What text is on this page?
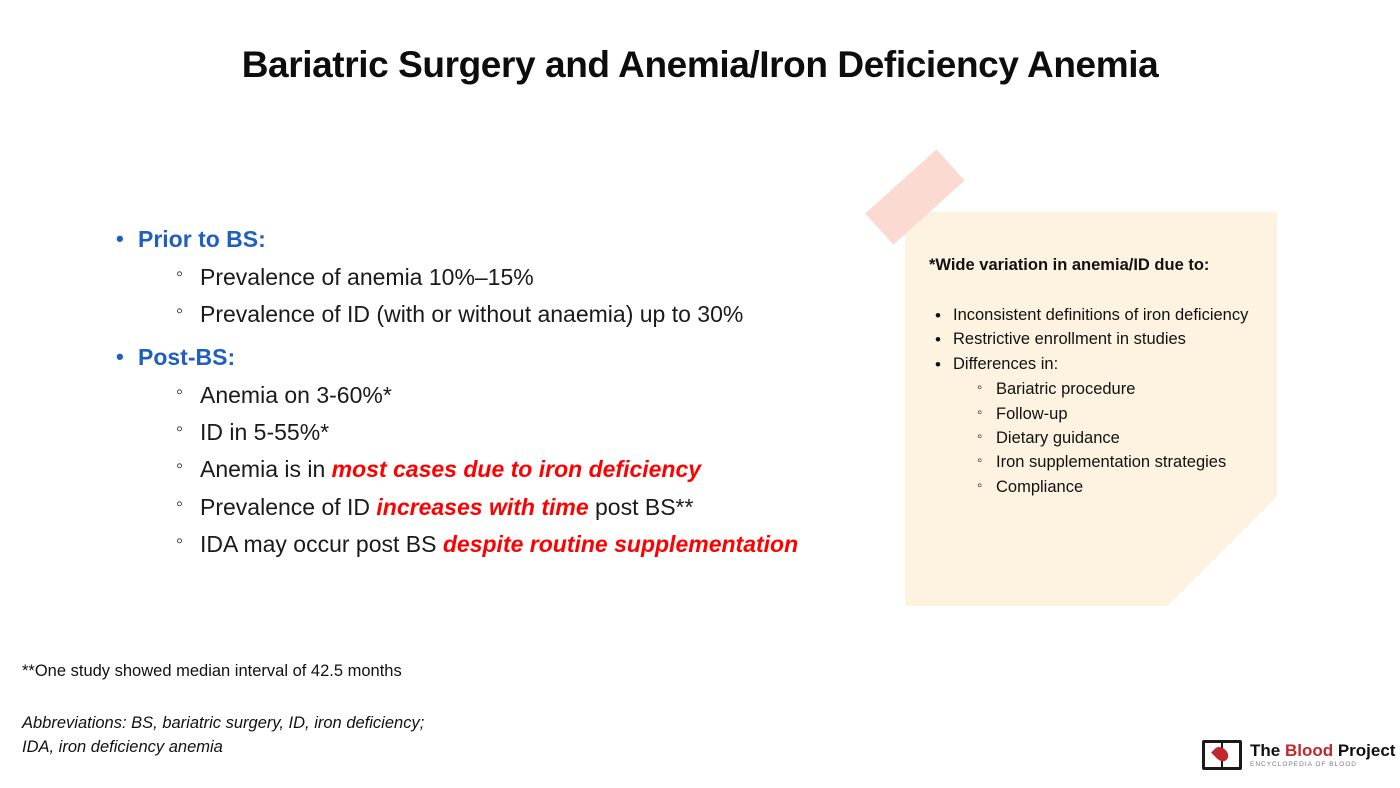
Bariatric Surgery and Anemia/Iron Deficiency Anemia
• Prior to BS:
◦ Prevalence of anemia 10%–15%
◦ Prevalence of ID (with or without anaemia) up to 30%
• Post-BS:
◦ Anemia on 3-60%*
◦ ID in 5-55%*
◦ Anemia is in most cases due to iron deficiency
◦ Prevalence of ID increases with time post BS**
◦ IDA may occur post BS despite routine supplementation
**One study showed median interval of 42.5 months
Abbreviations: BS, bariatric surgery, ID, iron deficiency; IDA, iron deficiency anemia
*Wide variation in anemia/ID due to:
• Inconsistent definitions of iron deficiency
• Restrictive enrollment in studies
• Differences in:
◦ Bariatric procedure
◦ Follow-up
◦ Dietary guidance
◦ Iron supplementation strategies
◦ Compliance
The Blood Project
ENCYCLOPEDIA OF BLOOD
